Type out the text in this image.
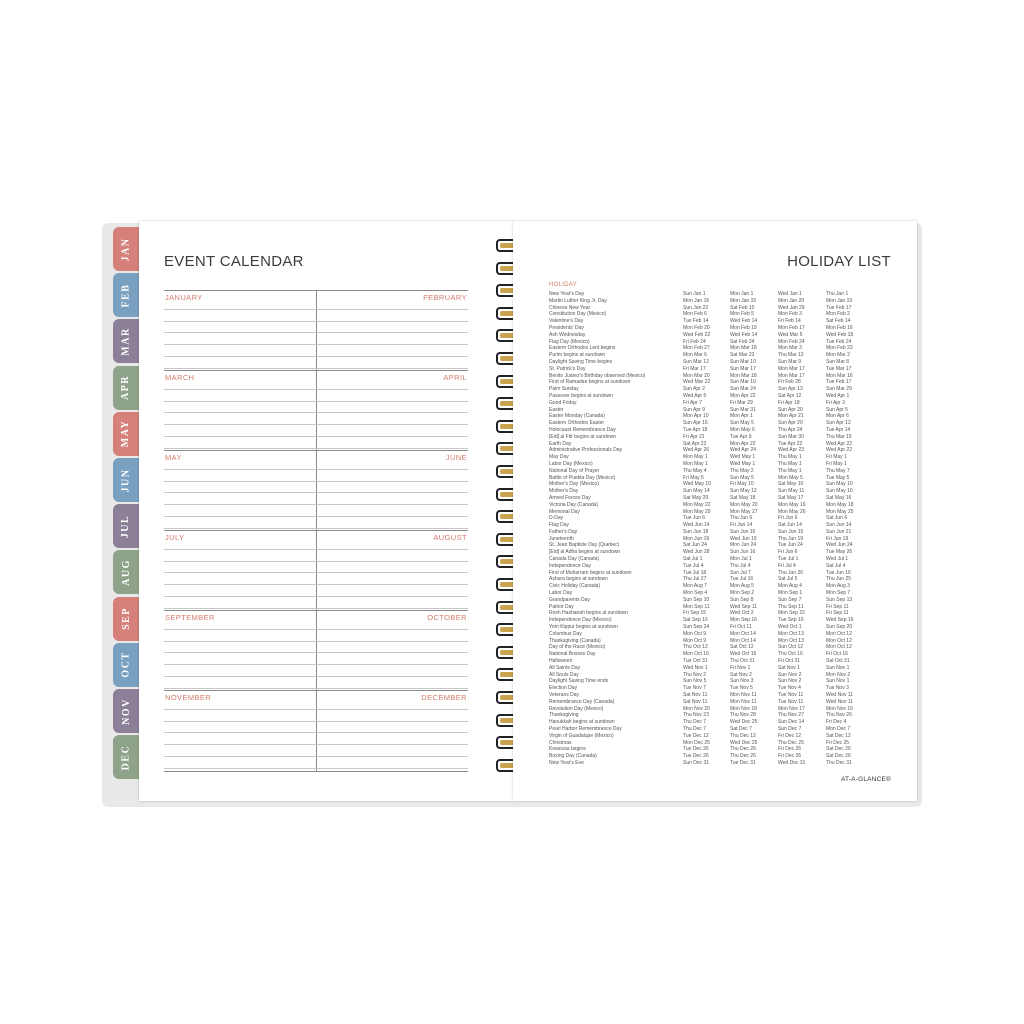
JAN
FEB
MAR
APR
MAY
JUN
JUL
AUG
SEP
OCT
NOV
DEC
EVENT CALENDAR
JANUARY	FEBRUARY
MARCH	APRIL
MAY	JUNE
JULY	AUGUST
SEPTEMBER	OCTOBER
NOVEMBER	DECEMBER
HOLIDAY LIST
HOLIDAY
New Year's Day	Sun Jan 1	Mon Jan 1	Wed Jan 1	Thu Jan 1
Martin Luther King Jr. Day	Mon Jan 16	Mon Jan 15	Mon Jan 20	Mon Jan 19
Chinese New Year	Sun Jan 22	Sat Feb 10	Wed Jan 29	Tue Feb 17
Constitution Day (Mexico)	Mon Feb 6	Mon Feb 5	Mon Feb 3	Mon Feb 2
Valentine's Day	Tue Feb 14	Wed Feb 14	Fri Feb 14	Sat Feb 14
Presidents' Day	Mon Feb 20	Mon Feb 19	Mon Feb 17	Mon Feb 16
Ash Wednesday	Wed Feb 22	Wed Feb 14	Wed Mar 5	Wed Feb 18
Flag Day (Mexico)	Fri Feb 24	Sat Feb 24	Mon Feb 24	Tue Feb 24
Eastern Orthodox Lent begins	Mon Feb 27	Mon Mar 18	Mon Mar 3	Mon Feb 23
Purim begins at sundown	Mon Mar 6	Sat Mar 23	Thu Mar 13	Mon Mar 2
Daylight Saving Time begins	Sun Mar 12	Sun Mar 10	Sun Mar 9	Sun Mar 8
St. Patrick's Day	Fri Mar 17	Sun Mar 17	Mon Mar 17	Tue Mar 17
Benito Juárez's Birthday observed (Mexico)	Mon Mar 20	Mon Mar 18	Mon Mar 17	Mon Mar 16
First of Ramadan begins at sundown	Wed Mar 22	Sun Mar 10	Fri Feb 28	Tue Feb 17
Palm Sunday	Sun Apr 2	Sun Mar 24	Sun Apr 13	Sun Mar 29
Passover begins at sundown	Wed Apr 5	Mon Apr 22	Sat Apr 12	Wed Apr 1
Good Friday	Fri Apr 7	Fri Mar 29	Fri Apr 18	Fri Apr 3
Easter	Sun Apr 9	Sun Mar 31	Sun Apr 20	Sun Apr 5
Easter Monday (Canada)	Mon Apr 10	Mon Apr 1	Mon Apr 21	Mon Apr 6
Eastern Orthodox Easter	Sun Apr 16	Sun May 5	Sun Apr 20	Sun Apr 12
Holocaust Remembrance Day	Tue Apr 18	Mon May 6	Thu Apr 24	Tue Apr 14
[Eid] al Fitr begins at sundown	Fri Apr 21	Tue Apr 9	Sun Mar 30	Thu Mar 19
Earth Day	Sat Apr 22	Mon Apr 22	Tue Apr 22	Wed Apr 22
Administrative Professionals Day	Wed Apr 26	Wed Apr 24	Wed Apr 23	Wed Apr 22
May Day	Mon May 1	Wed May 1	Thu May 1	Fri May 1
Labor Day (Mexico)	Mon May 1	Wed May 1	Thu May 1	Fri May 1
National Day of Prayer	Thu May 4	Thu May 2	Thu May 1	Thu May 7
Battle of Puebla Day (Mexico)	Fri May 5	Sun May 5	Mon May 5	Tue May 5
Mother's Day (Mexico)	Wed May 10	Fri May 10	Sat May 10	Sun May 10
Mother's Day	Sun May 14	Sun May 12	Sun May 11	Sun May 10
Armed Forces Day	Sat May 20	Sat May 18	Sat May 17	Sat May 16
Victoria Day (Canada)	Mon May 22	Mon May 20	Mon May 19	Mon May 18
Memorial Day	Mon May 29	Mon May 27	Mon May 26	Mon May 25
D-Day	Tue Jun 6	Thu Jun 6	Fri Jun 6	Sat Jun 6
Flag Day	Wed Jun 14	Fri Jun 14	Sat Jun 14	Sun Jun 14
Father's Day	Sun Jun 18	Sun Jun 16	Sun Jun 15	Sun Jun 21
Juneteenth	Mon Jun 19	Wed Jun 19	Thu Jun 19	Fri Jun 19
St. Jean Baptiste Day (Quebec)	Sat Jun 24	Mon Jun 24	Tue Jun 24	Wed Jun 24
[Eid] al Adha begins at sundown	Wed Jun 28	Sun Jun 16	Fri Jun 6	Tue May 26
Canada Day (Canada)	Sat Jul 1	Mon Jul 1	Tue Jul 1	Wed Jul 1
Independence Day	Tue Jul 4	Thu Jul 4	Fri Jul 4	Sat Jul 4
First of Muharram begins at sundown	Tue Jul 18	Sun Jul 7	Thu Jun 26	Tue Jun 16
Ashura begins at sundown	Thu Jul 27	Tue Jul 16	Sat Jul 5	Thu Jun 25
Civic Holiday (Canada)	Mon Aug 7	Mon Aug 5	Mon Aug 4	Mon Aug 3
Labor Day	Mon Sep 4	Mon Sep 2	Mon Sep 1	Mon Sep 7
Grandparents Day	Sun Sep 10	Sun Sep 8	Sun Sep 7	Sun Sep 13
Patriot Day	Mon Sep 11	Wed Sep 11	Thu Sep 11	Fri Sep 11
Rosh Hashanah begins at sundown	Fri Sep 15	Wed Oct 2	Mon Sep 22	Fri Sep 11
Independence Day (Mexico)	Sat Sep 16	Mon Sep 16	Tue Sep 16	Wed Sep 16
Yom Kippur begins at sundown	Sun Sep 24	Fri Oct 11	Wed Oct 1	Sun Sep 20
Columbus Day	Mon Oct 9	Mon Oct 14	Mon Oct 13	Mon Oct 12
Thanksgiving (Canada)	Mon Oct 9	Mon Oct 14	Mon Oct 13	Mon Oct 12
Day of the Race (Mexico)	Thu Oct 12	Sat Oct 12	Sun Oct 12	Mon Oct 12
National Bosses Day	Mon Oct 16	Wed Oct 16	Thu Oct 16	Fri Oct 16
Halloween	Tue Oct 31	Thu Oct 31	Fri Oct 31	Sat Oct 31
All Saints Day	Wed Nov 1	Fri Nov 1	Sat Nov 1	Sun Nov 1
All Souls Day	Thu Nov 2	Sat Nov 2	Sun Nov 2	Mon Nov 2
Daylight Saving Time ends	Sun Nov 5	Sun Nov 3	Sun Nov 2	Sun Nov 1
Election Day	Tue Nov 7	Tue Nov 5	Tue Nov 4	Tue Nov 3
Veterans Day	Sat Nov 11	Mon Nov 11	Tue Nov 11	Wed Nov 11
Remembrance Day (Canada)	Sat Nov 11	Mon Nov 11	Tue Nov 11	Wed Nov 11
Revolution Day (Mexico)	Mon Nov 20	Mon Nov 18	Mon Nov 17	Mon Nov 16
Thanksgiving	Thu Nov 23	Thu Nov 28	Thu Nov 27	Thu Nov 26
Hanukkah begins at sundown	Thu Dec 7	Wed Dec 25	Sun Dec 14	Fri Dec 4
Pearl Harbor Remembrance Day	Thu Dec 7	Sat Dec 7	Sun Dec 7	Mon Dec 7
Virgin of Guadalupe (Mexico)	Tue Dec 12	Thu Dec 12	Fri Dec 12	Sat Dec 12
Christmas	Mon Dec 25	Wed Dec 25	Thu Dec 25	Fri Dec 25
Kwanzaa begins	Tue Dec 26	Thu Dec 26	Fri Dec 26	Sat Dec 26
Boxing Day (Canada)	Tue Dec 26	Thu Dec 26	Fri Dec 26	Sat Dec 26
New Year's Eve	Sun Dec 31	Tue Dec 31	Wed Dec 31	Thu Dec 31
AT-A-GLANCE®
